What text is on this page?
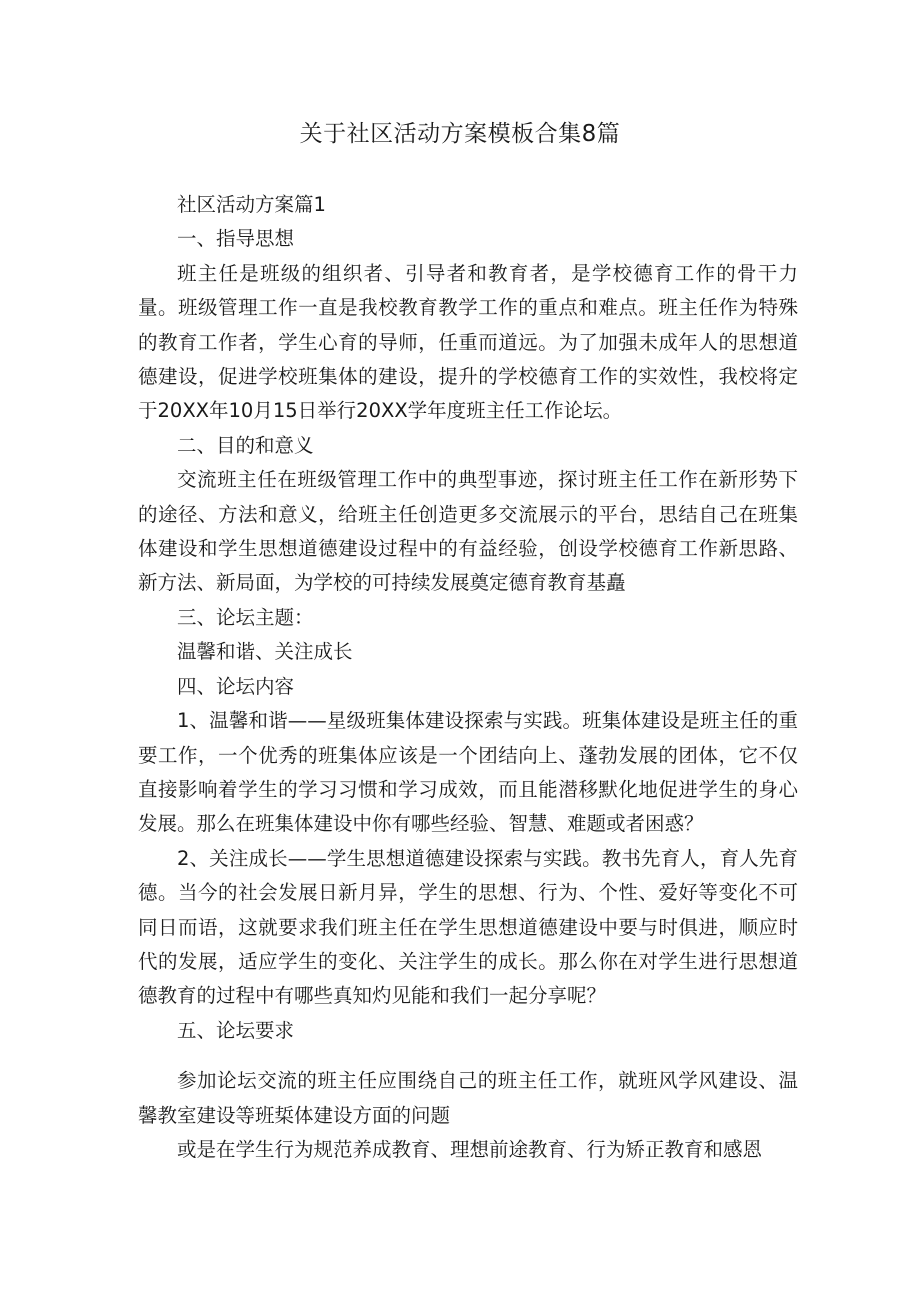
关于社区活动方案模板合集8篇

社区活动方案篇1

一、指导思想

班主任是班级的组织者、引导者和教育者，是学校德育工作的骨干力量。班级管理工作一直是我校教育教学工作的重点和难点。班主任作为特殊的教育工作者，学生心育的导师，任重而道远。为了加强未成年人的思想道德建设，促进学校班集体的建设，提升的学校德育工作的实效性，我校将定于20XX年10月15日举行20XX学年度班主任工作论坛。

二、目的和意义

交流班主任在班级管理工作中的典型事迹，探讨班主任工作在新形势下的途径、方法和意义，给班主任创造更多交流展示的平台，思结自己在班集体建设和学生思想道德建设过程中的有益经验，创设学校德育工作新思路、新方法、新局面，为学校的可持续发展奠定德育教育基矗

三、论坛主题：

温馨和谐、关注成长

四、论坛内容

1、温馨和谐——星级班集体建设探索与实践。班集体建设是班主任的重要工作，一个优秀的班集体应该是一个团结向上、蓬勃发展的团体，它不仅直接影响着学生的学习习惯和学习成效，而且能潜移默化地促进学生的身心发展。那么在班集体建设中你有哪些经验、智慧、难题或者困惑？

2、关注成长——学生思想道德建设探索与实践。教书先育人，育人先育德。当今的社会发展日新月异，学生的思想、行为、个性、爱好等变化不可同日而语，这就要求我们班主任在学生思想道德建设中要与时俱进，顺应时代的发展，适应学生的变化、关注学生的成长。那么你在对学生进行思想道德教育的过程中有哪些真知灼见能和我们一起分享呢？

五、论坛要求

参加论坛交流的班主任应围绕自己的班主任工作，就班风学风建设、温馨教室建设等班梊体建设方面的问题

或是在学生行为规范养成教育、理想前途教育、行为矫正教育和感恩
